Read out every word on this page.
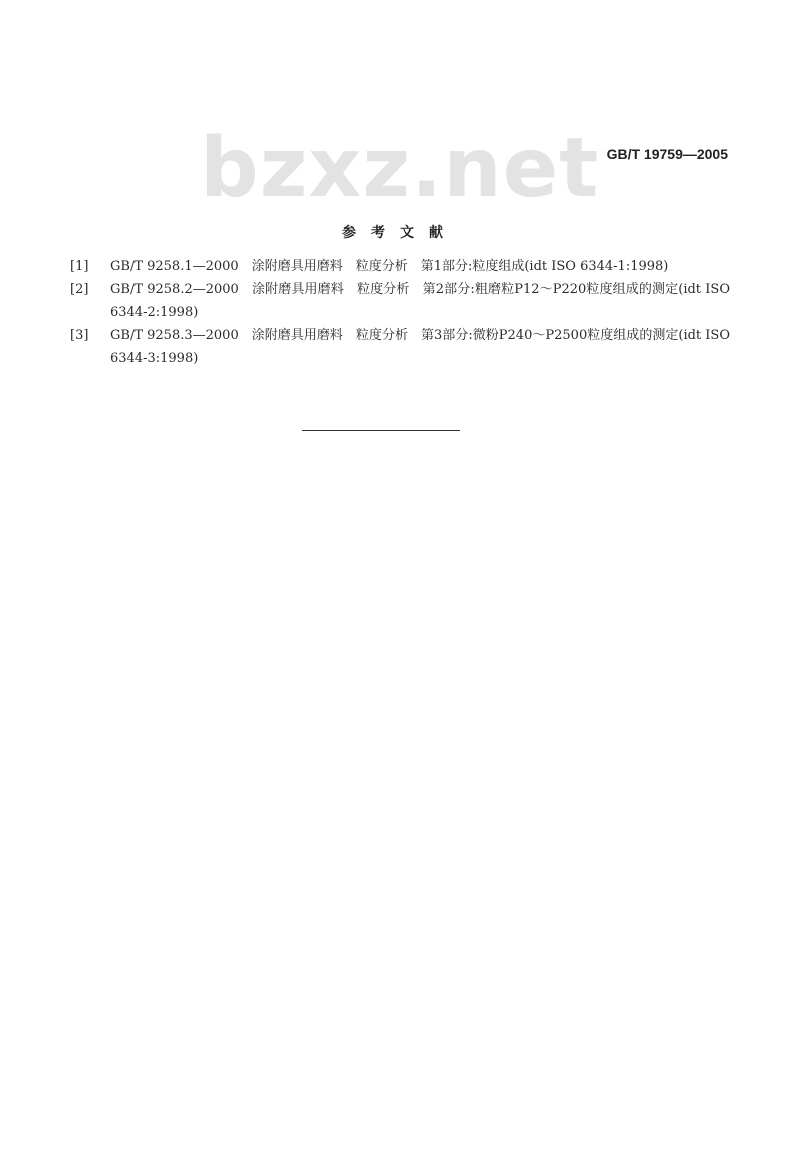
bzxz.net GB/T 19759—2005
参考文献
[1]	GB/T 9258.1—2000　涂附磨具用磨料　粒度分析　第1部分:粒度组成(idt ISO 6344-1:1998)
[2]	GB/T 9258.2—2000　涂附磨具用磨料　粒度分析　第2部分:粗磨粒P12～P220粒度组成的测定(idt ISO 6344-2:1998)
[3]	GB/T 9258.3—2000　涂附磨具用磨料　粒度分析　第3部分:微粉P240～P2500粒度组成的测定(idt ISO 6344-3:1998)
